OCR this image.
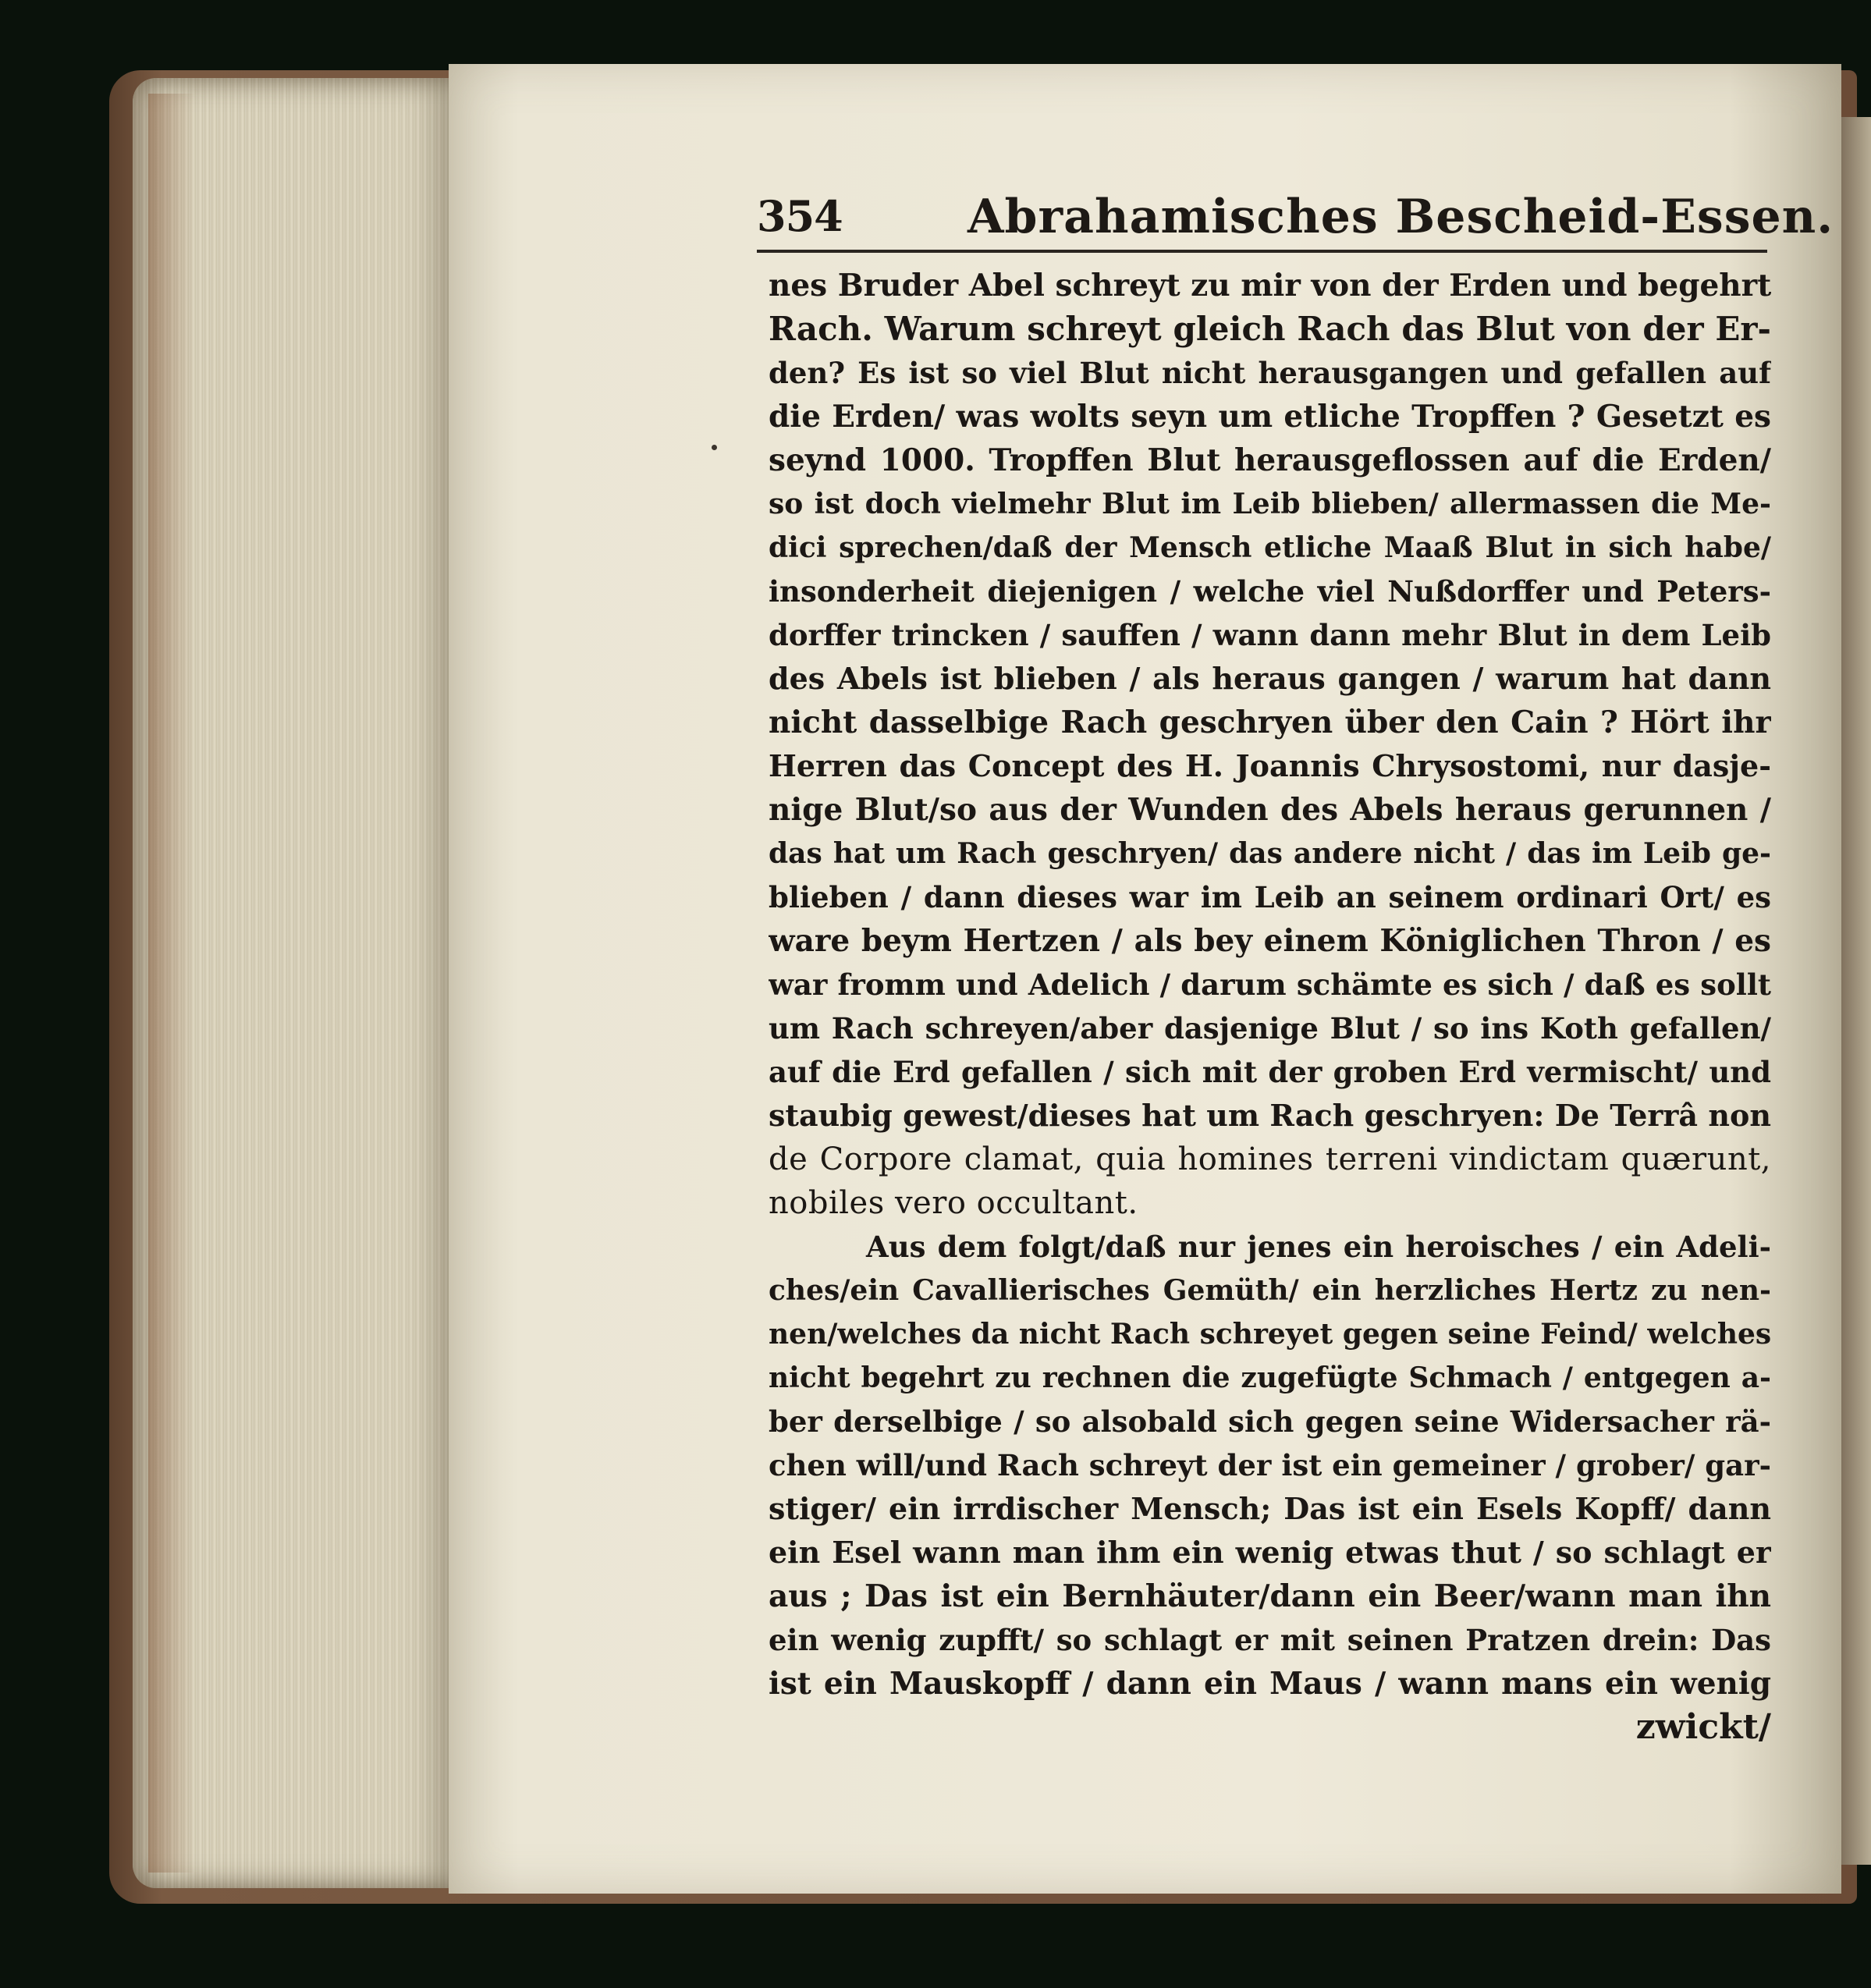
354	Abrahamisches Bescheid-Essen.
nes Bruder Abel schreyt zu mir von der Erden und begehrt
Rach. Warum schreyt gleich Rach das Blut von der Er-
den? Es ist so viel Blut nicht herausgangen und gefallen auf
die Erden/ was wolts seyn um etliche Tropffen ? Gesetzt es
seynd 1000. Tropffen Blut herausgeflossen auf die Erden/
so ist doch vielmehr Blut im Leib blieben/ allermassen die Me-
dici sprechen/daß der Mensch etliche Maaß Blut in sich habe/
insonderheit diejenigen / welche viel Nußdorffer und Peters-
dorffer trincken / sauffen / wann dann mehr Blut in dem Leib
des Abels ist blieben / als heraus gangen / warum hat dann
nicht dasselbige Rach geschryen über den Cain ? Hört ihr
Herren das Concept des H. Joannis Chrysostomi, nur dasje-
nige Blut/so aus der Wunden des Abels heraus gerunnen /
das hat um Rach geschryen/ das andere nicht / das im Leib ge-
blieben / dann dieses war im Leib an seinem ordinari Ort/ es
ware beym Hertzen / als bey einem Königlichen Thron / es
war fromm und Adelich / darum schämte es sich / daß es sollt
um Rach schreyen/aber dasjenige Blut / so ins Koth gefallen/
auf die Erd gefallen / sich mit der groben Erd vermischt/ und
staubig gewest/dieses hat um Rach geschryen: De Terrâ non
de Corpore clamat, quia homines terreni vindictam quærunt,
nobiles vero occultant.
Aus dem folgt/daß nur jenes ein heroisches / ein Adeli-
ches/ein Cavallierisches Gemüth/ ein herzliches Hertz zu nen-
nen/welches da nicht Rach schreyet gegen seine Feind/ welches
nicht begehrt zu rechnen die zugefügte Schmach / entgegen a-
ber derselbige / so alsobald sich gegen seine Widersacher rä-
chen will/und Rach schreyt der ist ein gemeiner / grober/ gar-
stiger/ ein irrdischer Mensch; Das ist ein Esels Kopff/ dann
ein Esel wann man ihm ein wenig etwas thut / so schlagt er
aus ; Das ist ein Bernhäuter/dann ein Beer/wann man ihn
ein wenig zupfft/ so schlagt er mit seinen Pratzen drein: Das
ist ein Mauskopff / dann ein Maus / wann mans ein wenig
zwickt/
